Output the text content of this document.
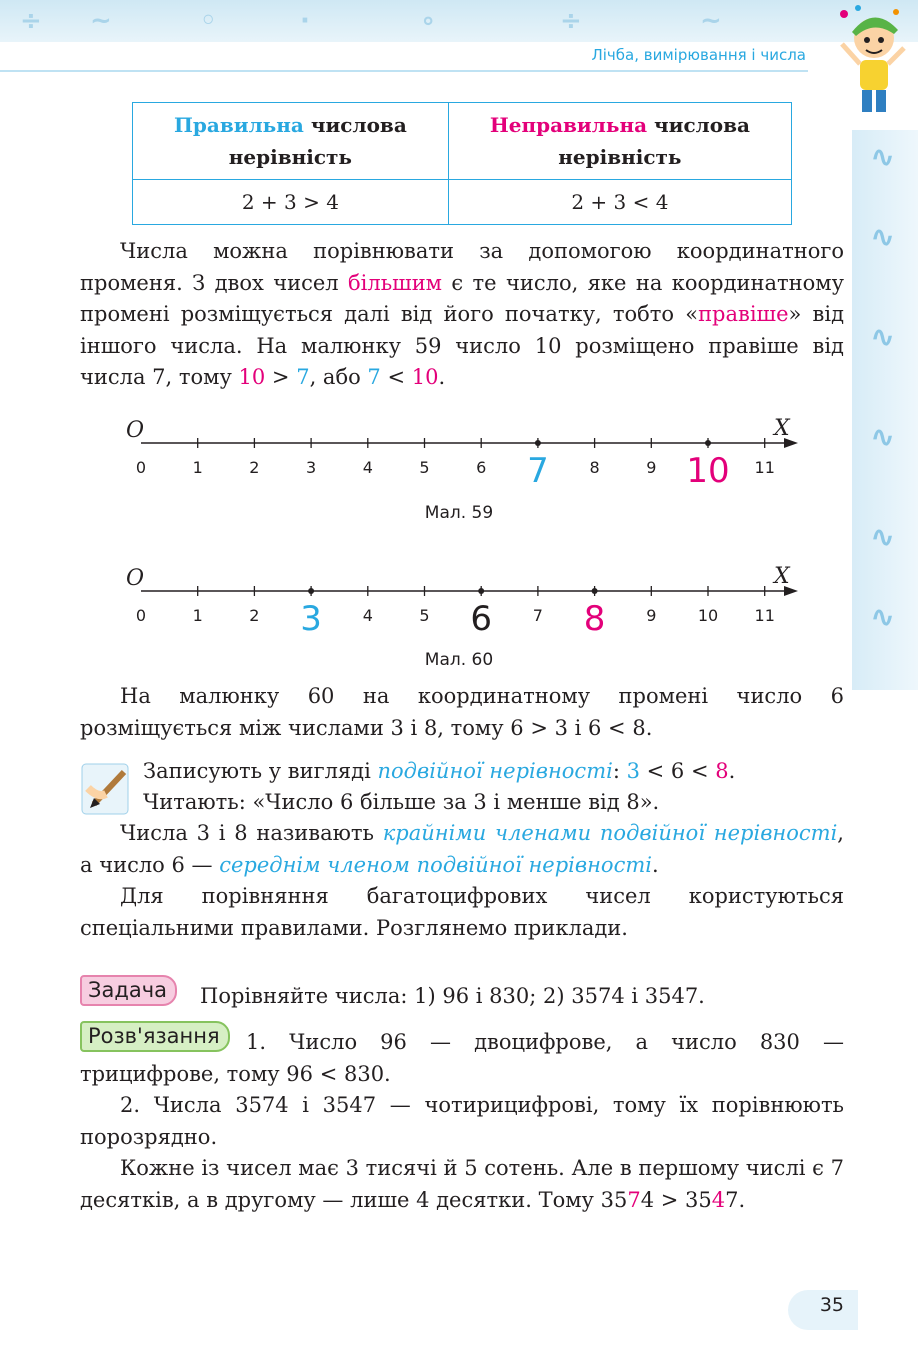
÷ ~	◦	·	∘	÷	~
Лічба, вимірювання і числа
∿
∿
∿
∿
∿
∿
Правильна числова нерівність	Неправильна числова нерівність
2 + 3 > 4	2 + 3 < 4

Числа можна порівнювати за допомогою координатного променя. З двох чисел більшим є те число, яке на координатному промені розміщується далі від його початку, тобто «правіше» від іншого числа. На малюнку 59 число 10 розміщено правіше від числа 7, тому 10 > 7, або 7 < 10.

O	X
0	1	2	3	4	5	6 7	8	9 10 11
Мал. 59
O	X
0	1	2 3	4	5 6	7 8	9	10 11
Мал. 60

На малюнку 60 на координатному промені число 6 розміщується між числами 3 і 8, тому 6 > 3 і 6 < 8.

Записують у вигляді подвійної нерівності: 3 < 6 < 8.

Читають: «Число 6 більше за 3 і менше від 8».

Числа 3 і 8 називають крайніми членами подвійної нерівності, а число 6 — середнім членом подвійної нерівності.

Для порівняння багатоцифрових чисел користуються спеціальними правилами. Розглянемо приклади.

Задача	Порівняйте числа: 1) 96 і 830; 2) 3574 і 3547.

Розв'язання	1. Число 96 — двоцифрове, а число 830 — трицифрове, тому 96 < 830.

2. Числа 3574 і 3547 — чотирицифрові, тому їх порівнюють порозрядно.

Кожне із чисел має 3 тисячі й 5 сотень. Але в першому числі є 7 десятків, а в другому — лише 4 десятки. Тому 3574 > 3547.

35
